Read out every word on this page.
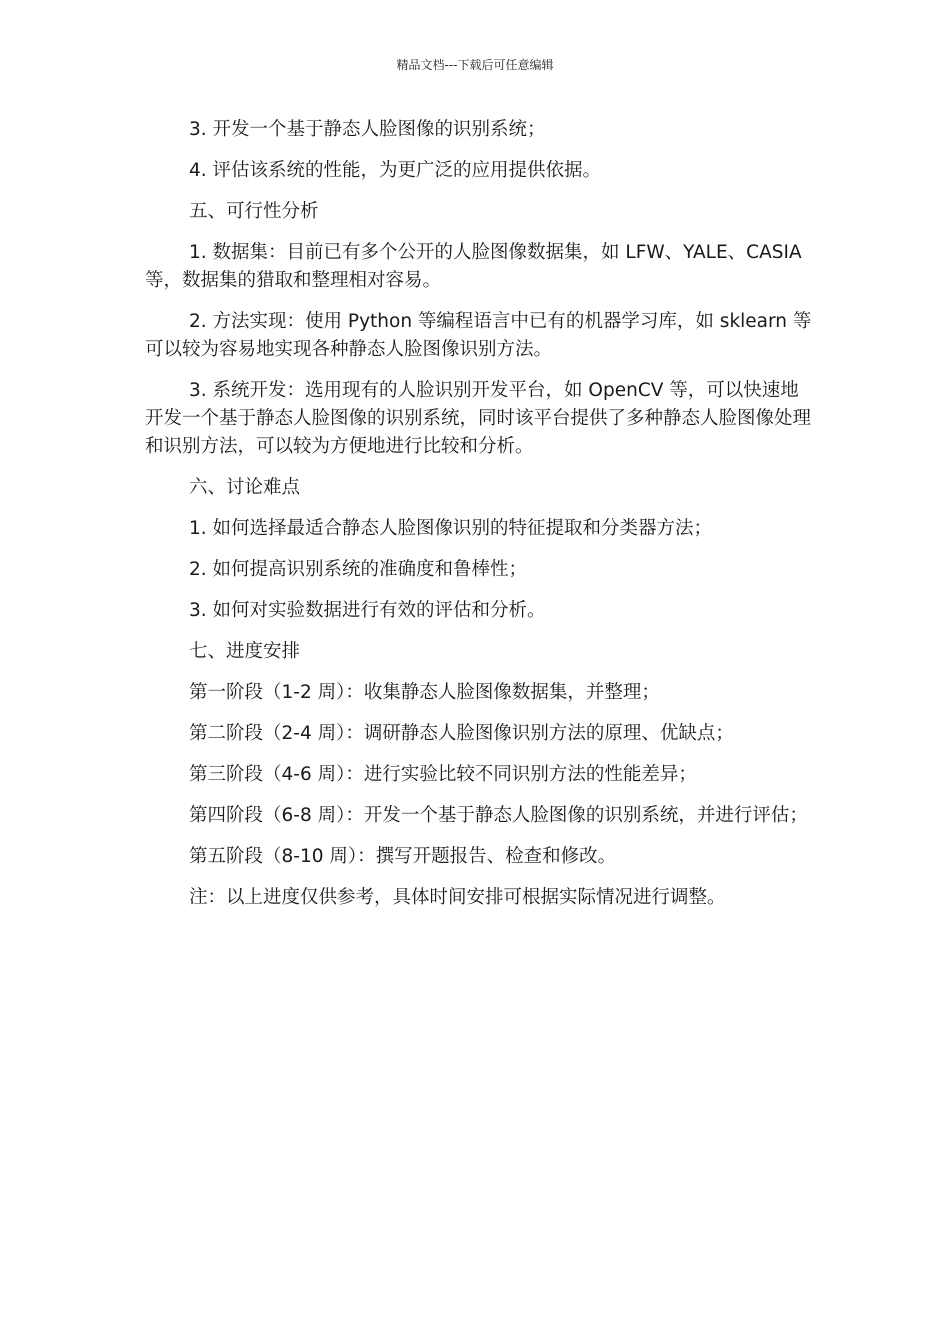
精品文档---下载后可任意编辑

3. 开发一个基于静态人脸图像的识别系统；

4. 评估该系统的性能，为更广泛的应用提供依据。

五、可行性分析

1. 数据集：目前已有多个公开的人脸图像数据集，如 LFW、YALE、CASIA 等，数据集的猎取和整理相对容易。

2. 方法实现：使用 Python 等编程语言中已有的机器学习库，如 sklearn 等可以较为容易地实现各种静态人脸图像识别方法。

3. 系统开发：选用现有的人脸识别开发平台，如 OpenCV 等，可以快速地开发一个基于静态人脸图像的识别系统，同时该平台提供了多种静态人脸图像处理和识别方法，可以较为方便地进行比较和分析。

六、讨论难点

1. 如何选择最适合静态人脸图像识别的特征提取和分类器方法；

2. 如何提高识别系统的准确度和鲁棒性；

3. 如何对实验数据进行有效的评估和分析。

七、进度安排

第一阶段（1-2 周）：收集静态人脸图像数据集，并整理；

第二阶段（2-4 周）：调研静态人脸图像识别方法的原理、优缺点；

第三阶段（4-6 周）：进行实验比较不同识别方法的性能差异；

第四阶段（6-8 周）：开发一个基于静态人脸图像的识别系统，并进行评估；

第五阶段（8-10 周）：撰写开题报告、检查和修改。

注：以上进度仅供参考，具体时间安排可根据实际情况进行调整。
